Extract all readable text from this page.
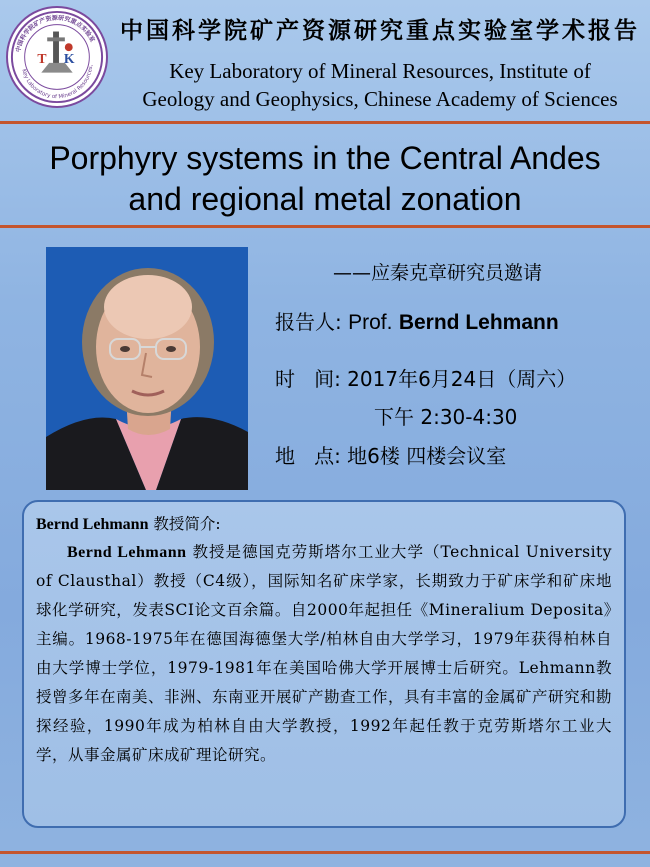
中国科学院矿产资源研究重点实验室
Key Laboratory of Mineral Resources,
T K
中国科学院矿产资源研究重点实验室学术报告
Key Laboratory of Mineral Resources, Institute of
Geology and Geophysics, Chinese Academy of Sciences
Porphyry systems in the Central Andes
and regional metal zonation
——应秦克章研究员邀请
报告人: Prof. Bernd Lehmann
时   间: 2017年6月24日（周六）
下午 2:30-4:30
地   点: 地6楼 四楼会议室
Bernd Lehmann 教授简介:
Bernd Lehmann 教授是德国克劳斯塔尔工业大学（Technical University of Clausthal）教授（C4级），国际知名矿床学家，长期致力于矿床学和矿床地球化学研究，发表SCI论文百余篇。自2000年起担任《Mineralium Deposita》主编。1968-1975年在德国海德堡大学/柏林自由大学学习，1979年获得柏林自由大学博士学位，1979-1981年在美国哈佛大学开展博士后研究。Lehmann教授曾多年在南美、非洲、东南亚开展矿产勘查工作，具有丰富的金属矿产研究和勘探经验，1990年成为柏林自由大学教授，1992年起任教于克劳斯塔尔工业大学，从事金属矿床成矿理论研究。
